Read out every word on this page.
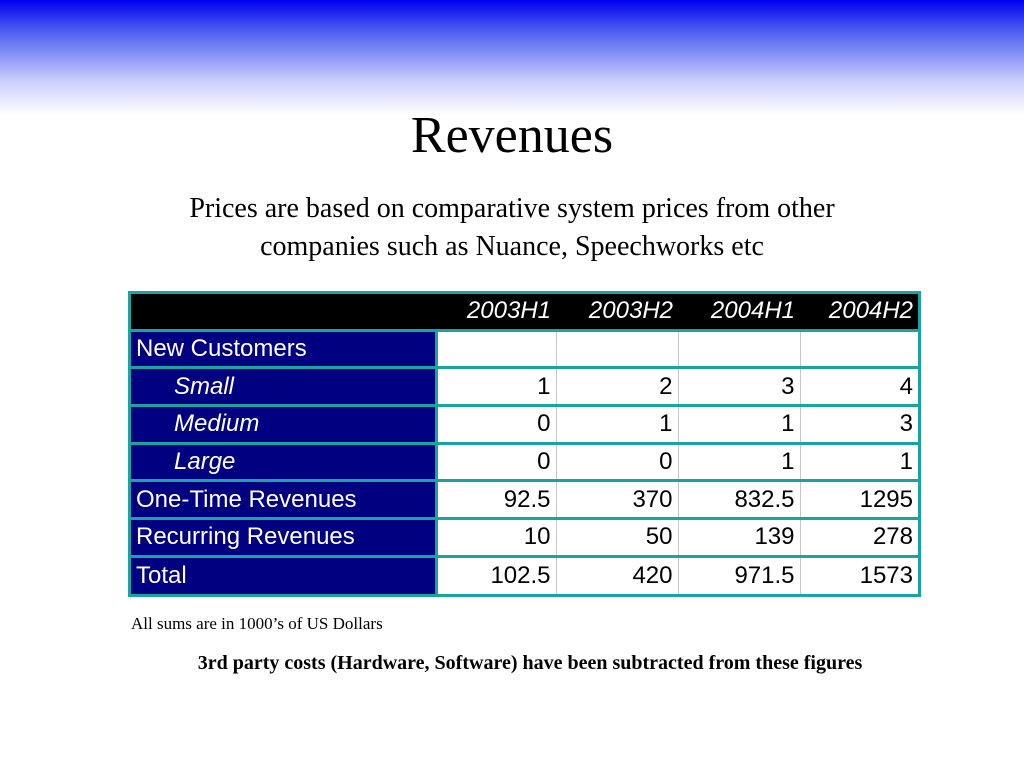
Revenues
Prices are based on comparative system prices from other
companies such as Nuance, Speechworks etc
	2003H1	2003H2	2004H1	2004H2
New Customers				
Small	1	2	3	4
Medium	0	1	1	3
Large	0	0	1	1
One-Time Revenues	92.5	370	832.5	1295
Recurring Revenues	10	50	139	278
Total	102.5	420	971.5	1573
All sums are in 1000’s of US Dollars
3rd party costs (Hardware, Software) have been subtracted from these figures
